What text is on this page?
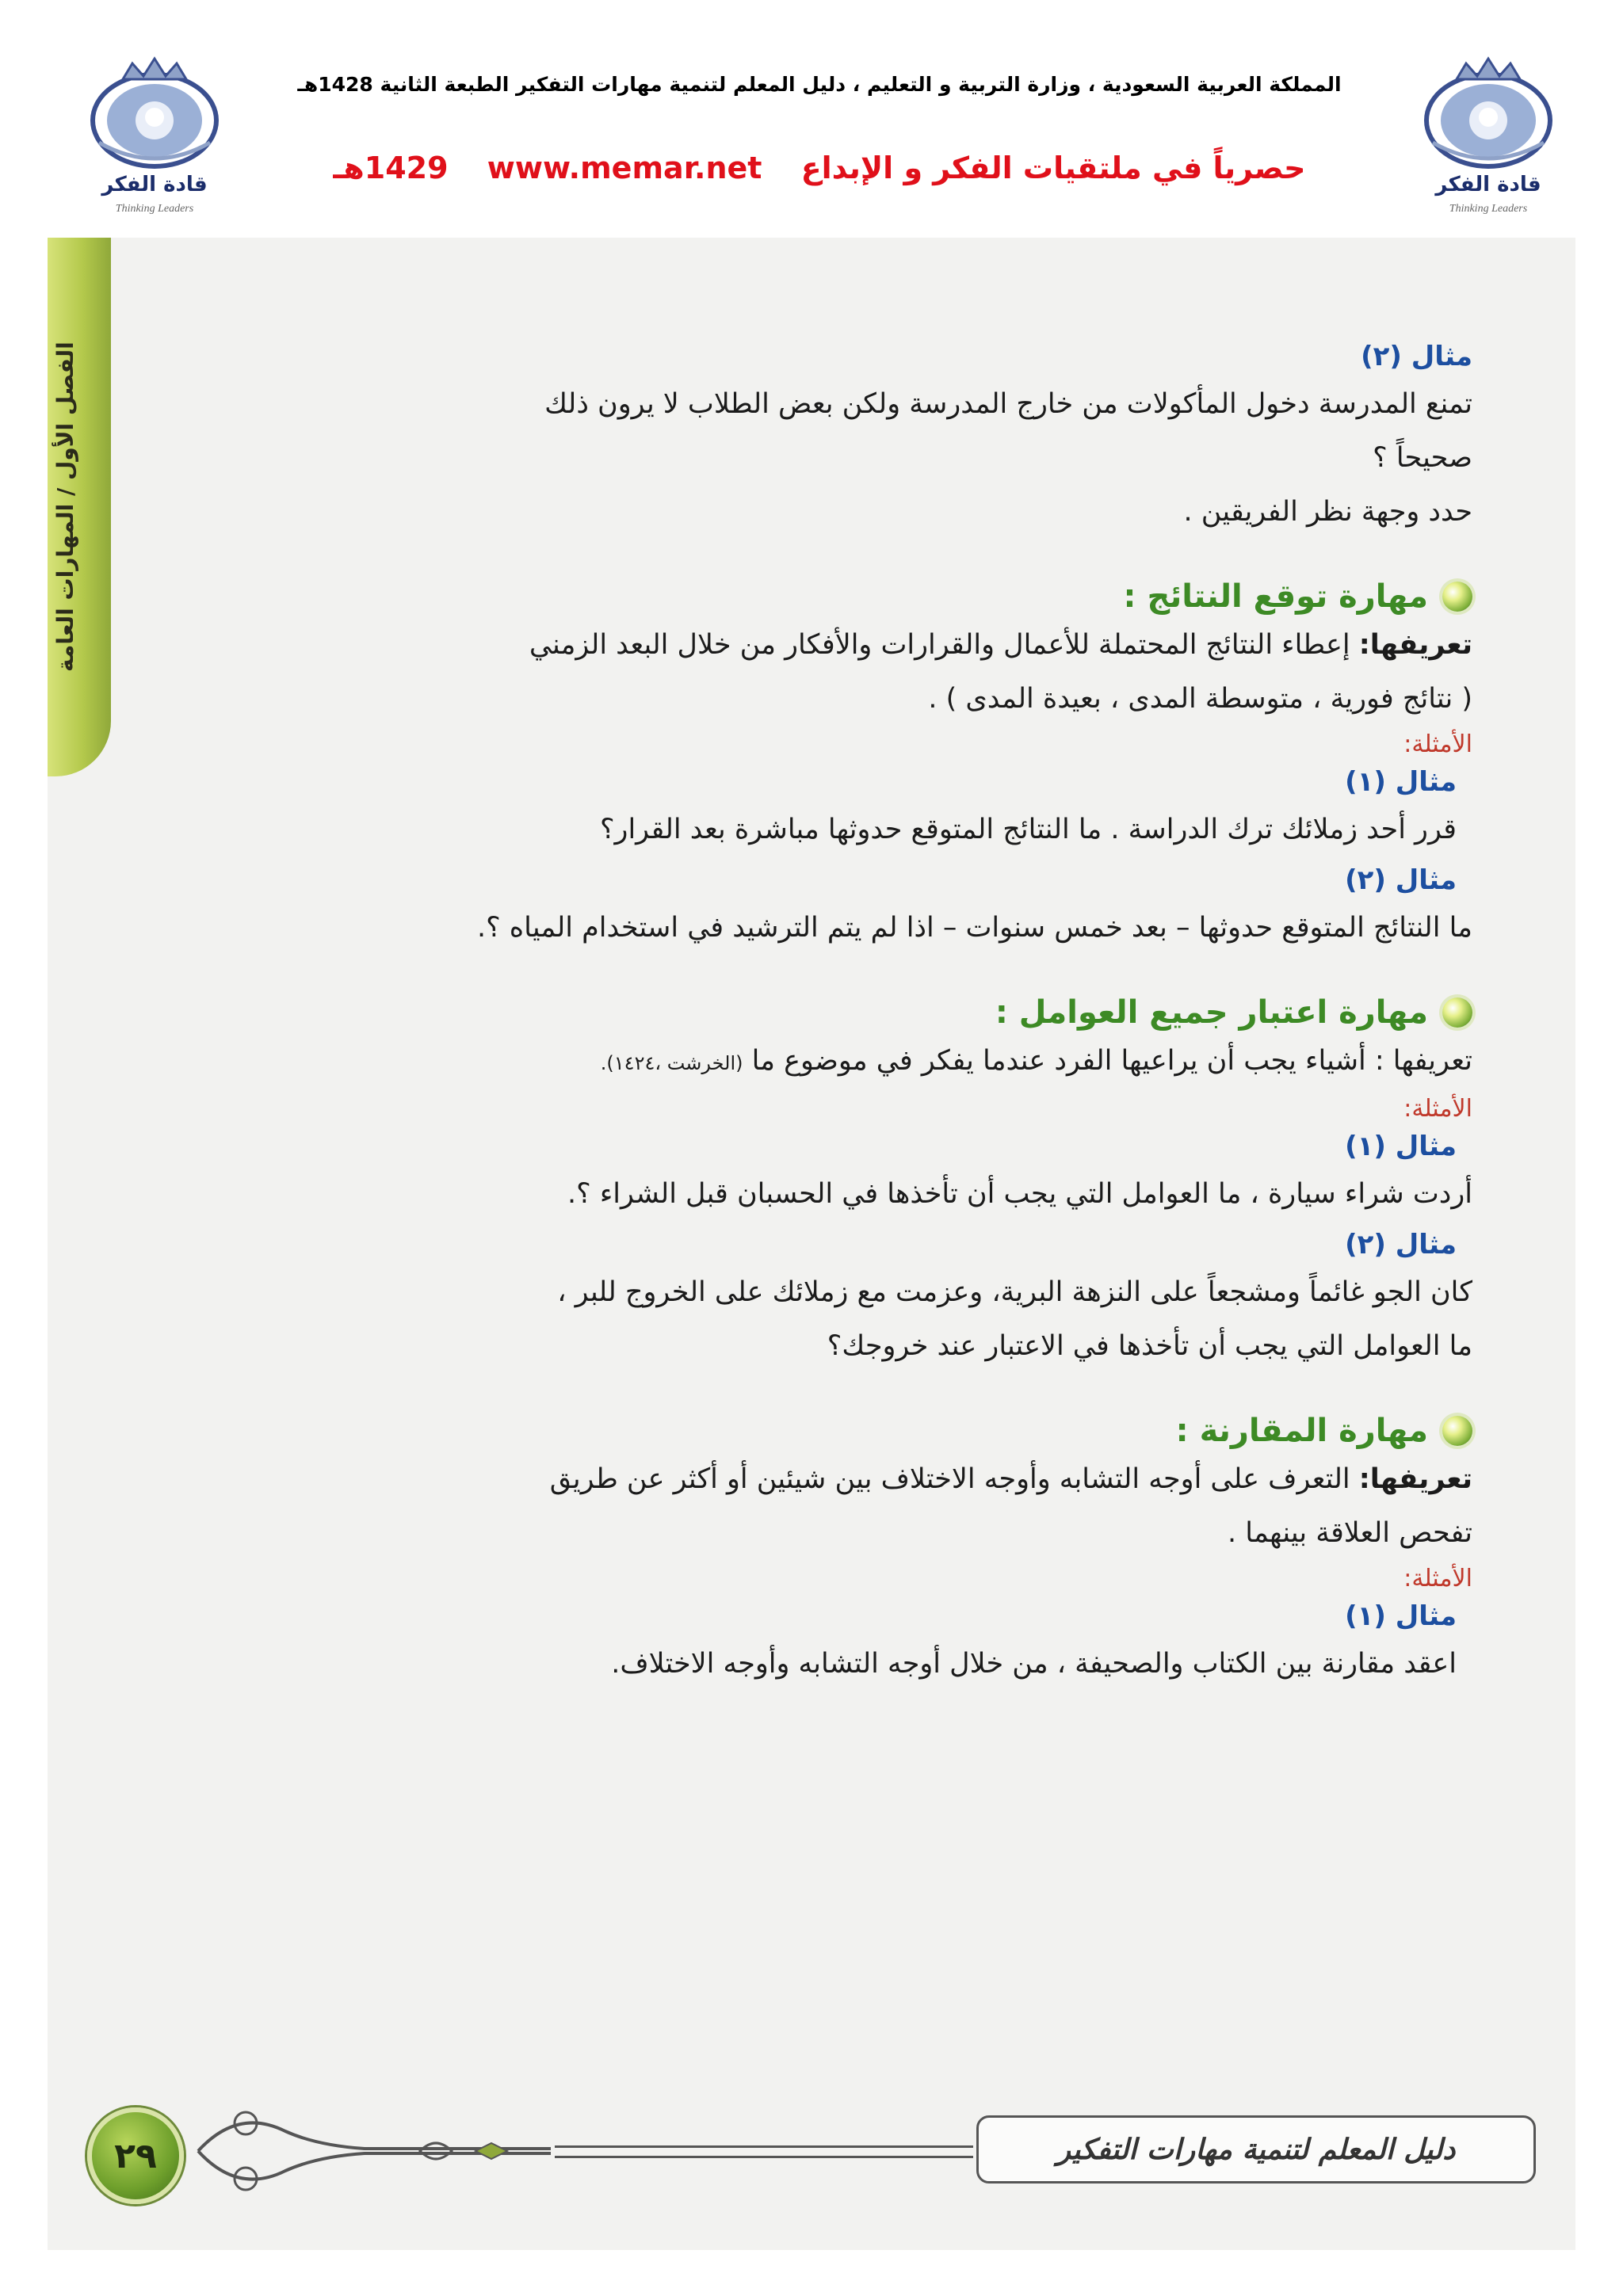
قادة الفكر
Thinking Leaders
قادة الفكر
Thinking Leaders
المملكة العربية السعودية ، وزارة التربية و التعليم ، دليل المعلم لتنمية مهارات التفكير الطبعة الثانية 1428هـ
حصرياً في ملتقيات الفكر و الإبداع www.memar.net 1429هـ
الفصل الأول / المهارات العامة	مثال (٢)

تمنع المدرسة دخول المأكولات من خارج المدرسة ولكن بعض الطلاب لا يرون ذلك

صحيحاً ؟

حدد وجهة نظر الفريقين .

مهارة توقع النتائج :

تعريفها: إعطاء النتائج المحتملة للأعمال والقرارات والأفكار من خلال البعد الزمني

( نتائج فورية ، متوسطة المدى ، بعيدة المدى ) .

الأمثلة:
مثال (١)

قرر أحد زملائك ترك الدراسة . ما النتائج المتوقع حدوثها مباشرة بعد القرار؟

مثال (٢)

ما النتائج المتوقع حدوثها – بعد خمس سنوات – اذا لم يتم الترشيد في استخدام المياه ؟.

مهارة اعتبار جميع العوامل :

تعريفها : أشياء يجب أن يراعيها الفرد عندما يفكر في موضوع ما (الخرشت ،١٤٢٤).

الأمثلة:
مثال (١)

أردت شراء سيارة ، ما العوامل التي يجب أن تأخذها في الحسبان قبل الشراء ؟.

مثال (٢)

كان الجو غائماً ومشجعاً على النزهة البرية، وعزمت مع زملائك على الخروج للبر ،

ما العوامل التي يجب أن تأخذها في الاعتبار عند خروجك؟

مهارة المقارنة :

تعريفها: التعرف على أوجه التشابه وأوجه الاختلاف بين شيئين أو أكثر عن طريق

تفحص العلاقة بينهما .

الأمثلة:
مثال (١)

اعقد مقارنة بين الكتاب والصحيفة ، من خلال أوجه التشابه وأوجه الاختلاف.

٢٩	دليل المعلم لتنمية مهارات التفكير
